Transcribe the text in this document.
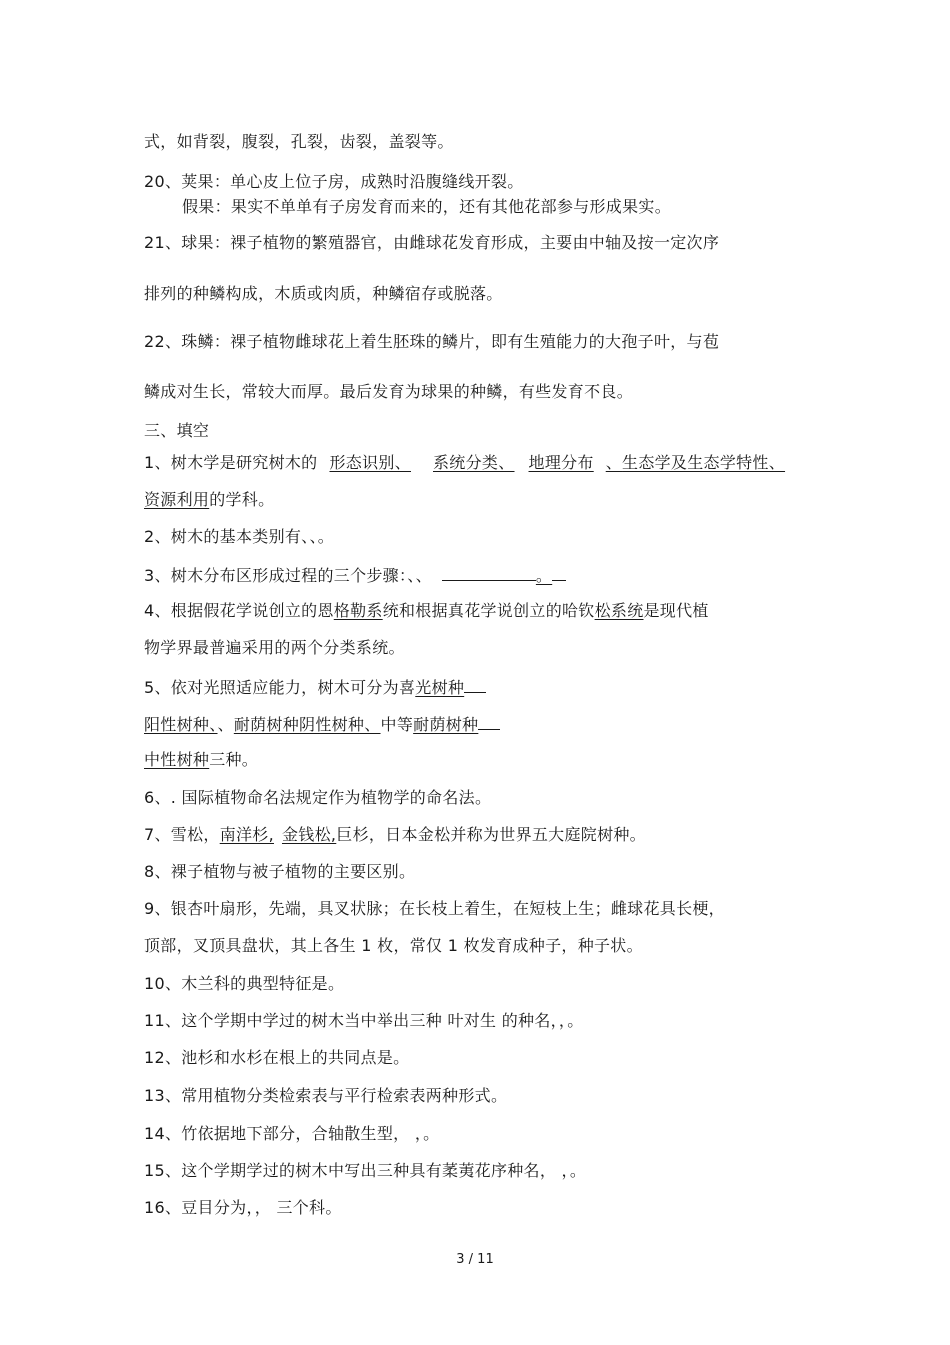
式，如背裂，腹裂，孔裂，齿裂，盖裂等。
20、荚果：单心皮上位子房，成熟时沿腹缝线开裂。
假果：果实不单单有子房发育而来的，还有其他花部参与形成果实。
21、球果：裸子植物的繁殖器官，由雌球花发育形成，主要由中轴及按一定次序
排列的种鳞构成，木质或肉质，种鳞宿存或脱落。
22、珠鳞：裸子植物雌球花上着生胚珠的鳞片，即有生殖能力的大孢子叶，与苞
鳞成对生长，常较大而厚。最后发育为球果的种鳞，有些发育不良。
三、填空
1、树木学是研究树木的 形态识别、 系统分类、 地理分布 、生态学及生态学特性、
资源利用的学科。
2、树木的基本类别有、、。
3、树木分布区形成过程的三个步骤：、、	。
4、根据假花学说创立的恩格勒系统和根据真花学说创立的哈钦松系统是现代植
物学界最普遍采用的两个分类系统。
5、依对光照适应能力，树木可分为喜光树种
阳性树种、、耐荫树种阴性树种、中等耐荫树种
中性树种三种。
6、. 国际植物命名法规定作为植物学的命名法。
7、雪松，南洋杉, 金钱松,巨杉，日本金松并称为世界五大庭院树种。
8、裸子植物与被子植物的主要区别。
9、银杏叶扇形，先端，具叉状脉；在长枝上着生，在短枝上生；雌球花具长梗，
顶部，叉顶具盘状，其上各生 1 枚，常仅 1 枚发育成种子，种子状。
10、木兰科的典型特征是。
11、这个学期中学过的树木当中举出三种 叶对生 的种名，，。
12、池杉和水杉在根上的共同点是。
13、常用植物分类检索表与平行检索表两种形式。
14、竹依据地下部分，合轴散生型， ，。
15、这个学期学过的树木中写出三种具有葇荑花序种名， ，。
16、豆目分为，， 三个科。
3 / 11
